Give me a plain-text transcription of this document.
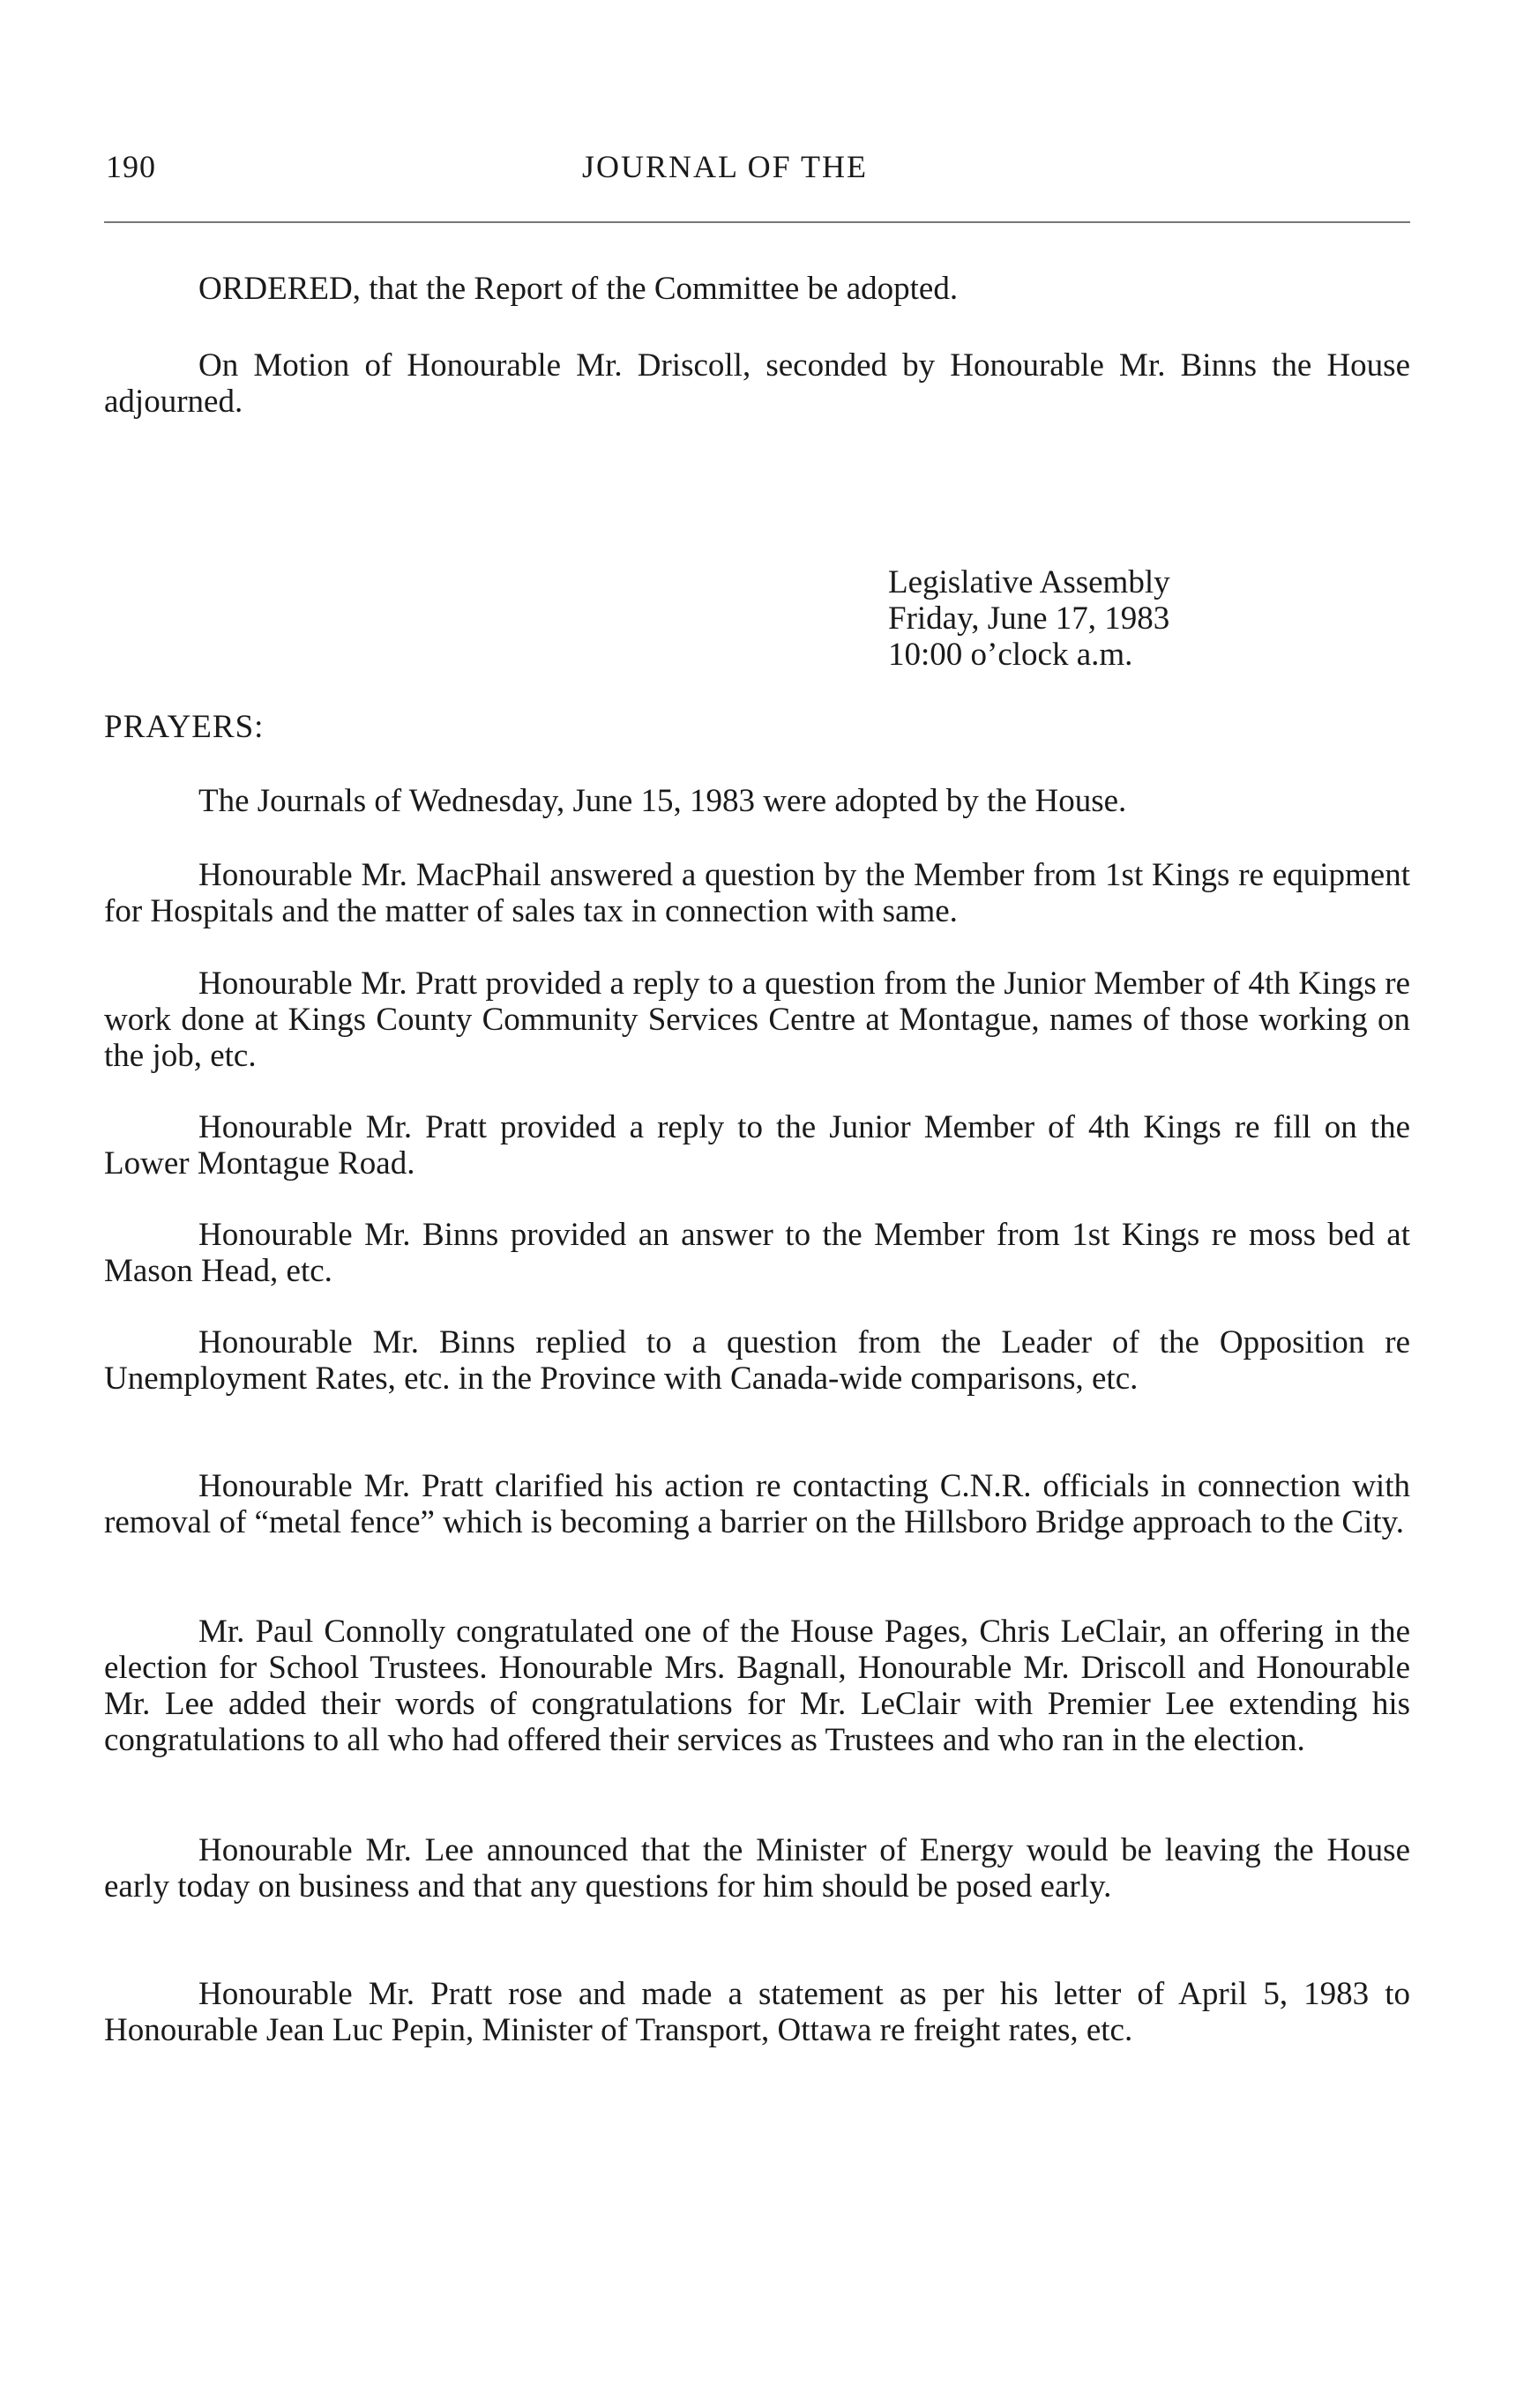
190	JOURNAL OF THE

ORDERED, that the Report of the Committee be adopted.

On Motion of Honourable Mr. Driscoll, seconded by Honourable Mr. Binns the House adjourned.

Legislative Assembly
Friday, June 17, 1983
10:00 o’clock a.m.
PRAYERS:

The Journals of Wednesday, June 15, 1983 were adopted by the House.

Honourable Mr. MacPhail answered a question by the Member from 1st Kings re equipment for Hospitals and the matter of sales tax in connection with same.

Honourable Mr. Pratt provided a reply to a question from the Junior Member of 4th Kings re work done at Kings County Community Services Centre at Montague, names of those working on the job, etc.

Honourable Mr. Pratt provided a reply to the Junior Member of 4th Kings re fill on the Lower Montague Road.

Honourable Mr. Binns provided an answer to the Member from 1st Kings re moss bed at Mason Head, etc.

Honourable Mr. Binns replied to a question from the Leader of the Opposition re Unemployment Rates, etc. in the Province with Canada-wide comparisons, etc.

Honourable Mr. Pratt clarified his action re contacting C.N.R. officials in connection with removal of “metal fence” which is becoming a barrier on the Hillsboro Bridge approach to the City.

Mr. Paul Connolly congratulated one of the House Pages, Chris LeClair, an offering in the election for School Trustees. Honourable Mrs. Bagnall, Honourable Mr. Driscoll and Honourable Mr. Lee added their words of congratulations for Mr. LeClair with Premier Lee extending his congratulations to all who had offered their services as Trustees and who ran in the election.

Honourable Mr. Lee announced that the Minister of Energy would be leaving the House early today on business and that any questions for him should be posed early.

Honourable Mr. Pratt rose and made a statement as per his letter of April 5, 1983 to Honourable Jean Luc Pepin, Minister of Transport, Ottawa re freight rates, etc.
